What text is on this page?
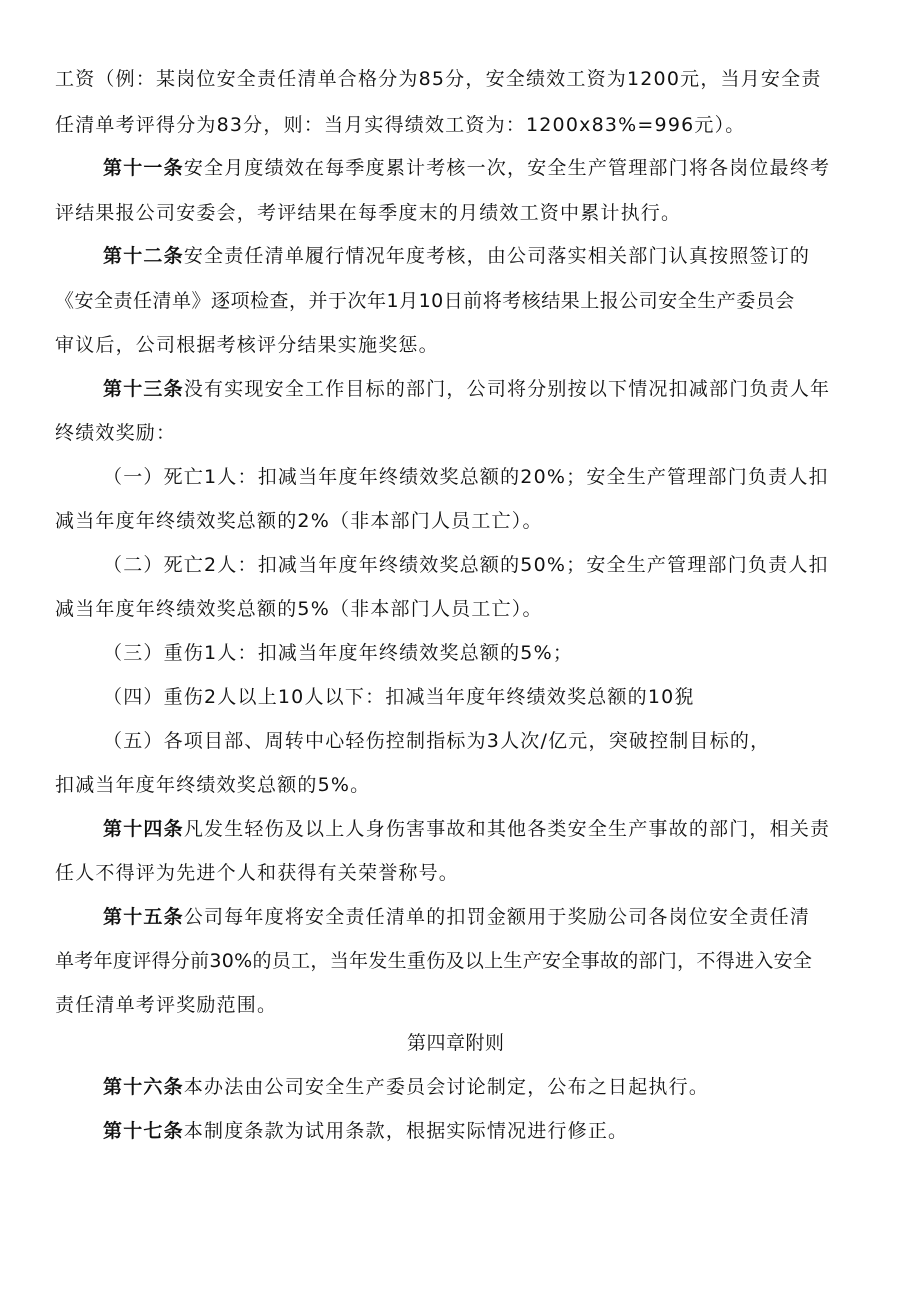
工资（例：某岗位安全责任清单合格分为85分，安全绩效工资为1200元，当月安全责
任清单考评得分为83分，则：当月实得绩效工资为：1200x83%=996元）。
第十一条安全月度绩效在每季度累计考核一次，安全生产管理部门将各岗位最终考
评结果报公司安委会，考评结果在每季度末的月绩效工资中累计执行。
第十二条安全责任清单履行情况年度考核，由公司落实相关部门认真按照签订的
《安全责任清单》逐项检查，并于次年1月10日前将考核结果上报公司安全生产委员会
审议后，公司根据考核评分结果实施奖惩。
第十三条没有实现安全工作目标的部门，公司将分别按以下情况扣减部门负责人年
终绩效奖励：
（一）死亡1人：扣减当年度年终绩效奖总额的20%；安全生产管理部门负责人扣
减当年度年终绩效奖总额的2%（非本部门人员工亡）。
（二）死亡2人：扣减当年度年终绩效奖总额的50%；安全生产管理部门负责人扣
减当年度年终绩效奖总额的5%（非本部门人员工亡）。
（三）重伤1人：扣减当年度年终绩效奖总额的5%；
（四）重伤2人以上10人以下：扣减当年度年终绩效奖总额的10猊
（五）各项目部、周转中心轻伤控制指标为3人次/亿元，突破控制目标的，
扣减当年度年终绩效奖总额的5%。
第十四条凡发生轻伤及以上人身伤害事故和其他各类安全生产事故的部门，相关责
任人不得评为先进个人和获得有关荣誉称号。
第十五条公司每年度将安全责任清单的扣罚金额用于奖励公司各岗位安全责任清
单考年度评得分前30%的员工，当年发生重伤及以上生产安全事故的部门，不得进入安全
责任清单考评奖励范围。
第四章附则
第十六条本办法由公司安全生产委员会讨论制定，公布之日起执行。
第十七条本制度条款为试用条款，根据实际情况进行修正。
